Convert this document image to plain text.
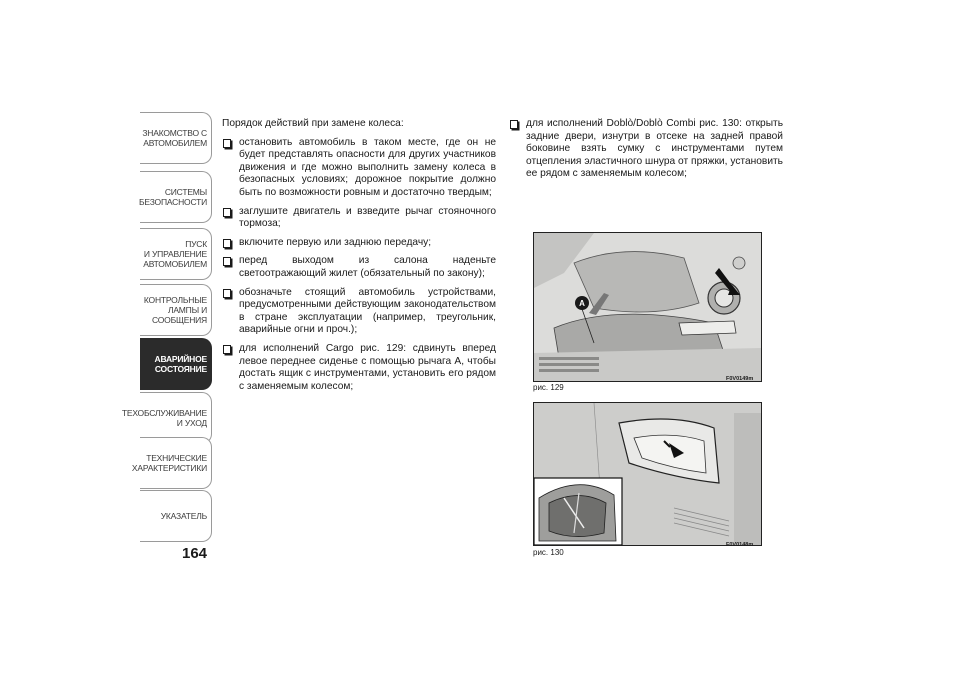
ЗНАКОМСТВО С
АВТОМОБИЛЕМ
СИСТЕМЫ
БЕЗОПАСНОСТИ
ПУСК
И УПРАВЛЕНИЕ
АВТОМОБИЛЕМ
КОНТРОЛЬНЫЕ
ЛАМПЫ И
СООБЩЕНИЯ
АВАРИЙНОЕ
СОСТОЯНИЕ
ТЕХОБСЛУЖИВАНИЕ
И УХОД
ТЕХНИЧЕСКИЕ
ХАРАКТЕРИСТИКИ
УКАЗАТЕЛЬ
164

Порядок действий при замене колеса:

остановить автомобиль в таком месте, где он не будет представлять опасности для других участников движения и где можно выполнить замену колеса в безопасных условиях; дорожное покрытие должно быть по возможности ровным и достаточно твердым;
заглушите двигатель и взведите рычаг стояночного тормоза;
включите первую или заднюю передачу;
перед выходом из салона наденьте светоотражающий жилет (обязательный по закону);
обозначьте стоящий автомобиль устройствами, предусмотренными действующим законодательством в стране эксплуатации (например, треугольник, аварийные огни и проч.);
для исполнений Cargo рис. 129: сдвинуть вперед левое переднее сиденье с помощью рычага A, чтобы достать ящик с инструментами, установить его рядом с заменяемым колесом;
для исполнений Doblò/Doblò Combi рис. 130: открыть задние двери, изнутри в отсеке на задней правой боковине взять сумку с инструментами путем отцепления эластичного шнура от пряжки, установить ее рядом с заменяемым колесом;
A
рис. 129
F0V0149m
рис. 130
F0V0148m
